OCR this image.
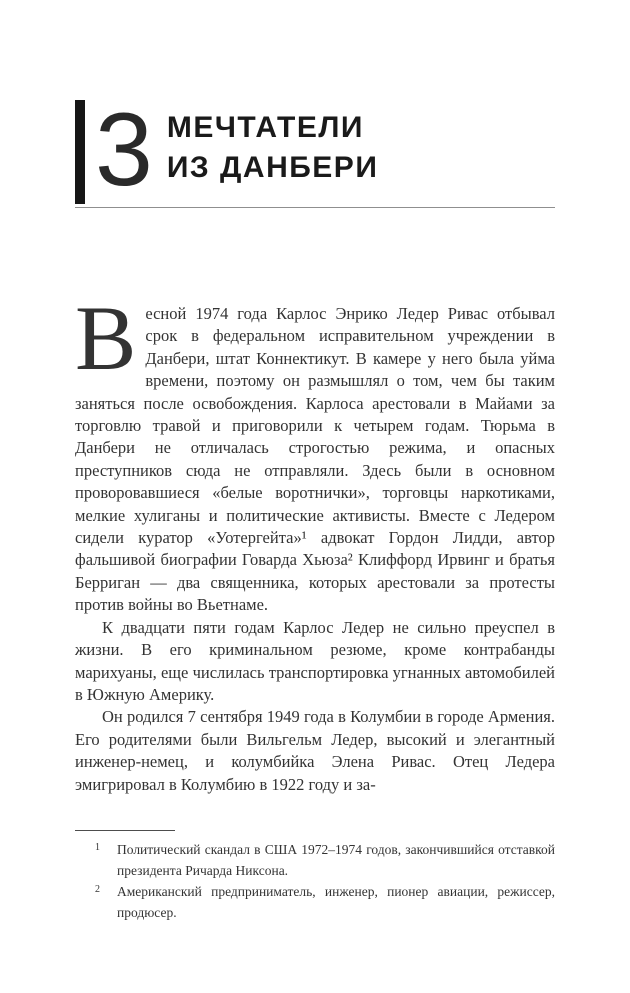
3 МЕЧТАТЕЛИ
ИЗ ДАНБЕРИ

Весной 1974 года Карлос Энрико Ледер Ривас отбывал срок в федеральном исправительном учреждении в Данбери, штат Коннектикут. В камере у него была уйма времени, поэтому он размышлял о том, чем бы таким заняться после освобождения. Карлоса арестовали в Майами за торговлю травой и приговорили к четырем годам. Тюрьма в Данбери не отличалась строгостью режима, и опасных преступников сюда не отправляли. Здесь были в основном проворовавшиеся «белые воротнички», торговцы наркотиками, мелкие хулиганы и политические активисты. Вместе с Ледером сидели куратор «Уотергейта»¹ адвокат Гордон Лидди, автор фальшивой биографии Говарда Хьюза² Клиффорд Ирвинг и братья Берриган — два священника, которых арестовали за протесты против войны во Вьетнаме.

К двадцати пяти годам Карлос Ледер не сильно преуспел в жизни. В его криминальном резюме, кроме контрабанды марихуаны, еще числилась транспортировка угнанных автомобилей в Южную Америку.

Он родился 7 сентября 1949 года в Колумбии в городе Армения. Его родителями были Вильгельм Ледер, высокий и элегантный инженер-немец, и колумбийка Элена Ривас. Отец Ледера эмигрировал в Колумбию в 1922 году и за-

1 Политический скандал в США 1972–1974 годов, закончившийся отставкой президента Ричарда Никсона.
2 Американский предприниматель, инженер, пионер авиации, режиссер, продюсер.
